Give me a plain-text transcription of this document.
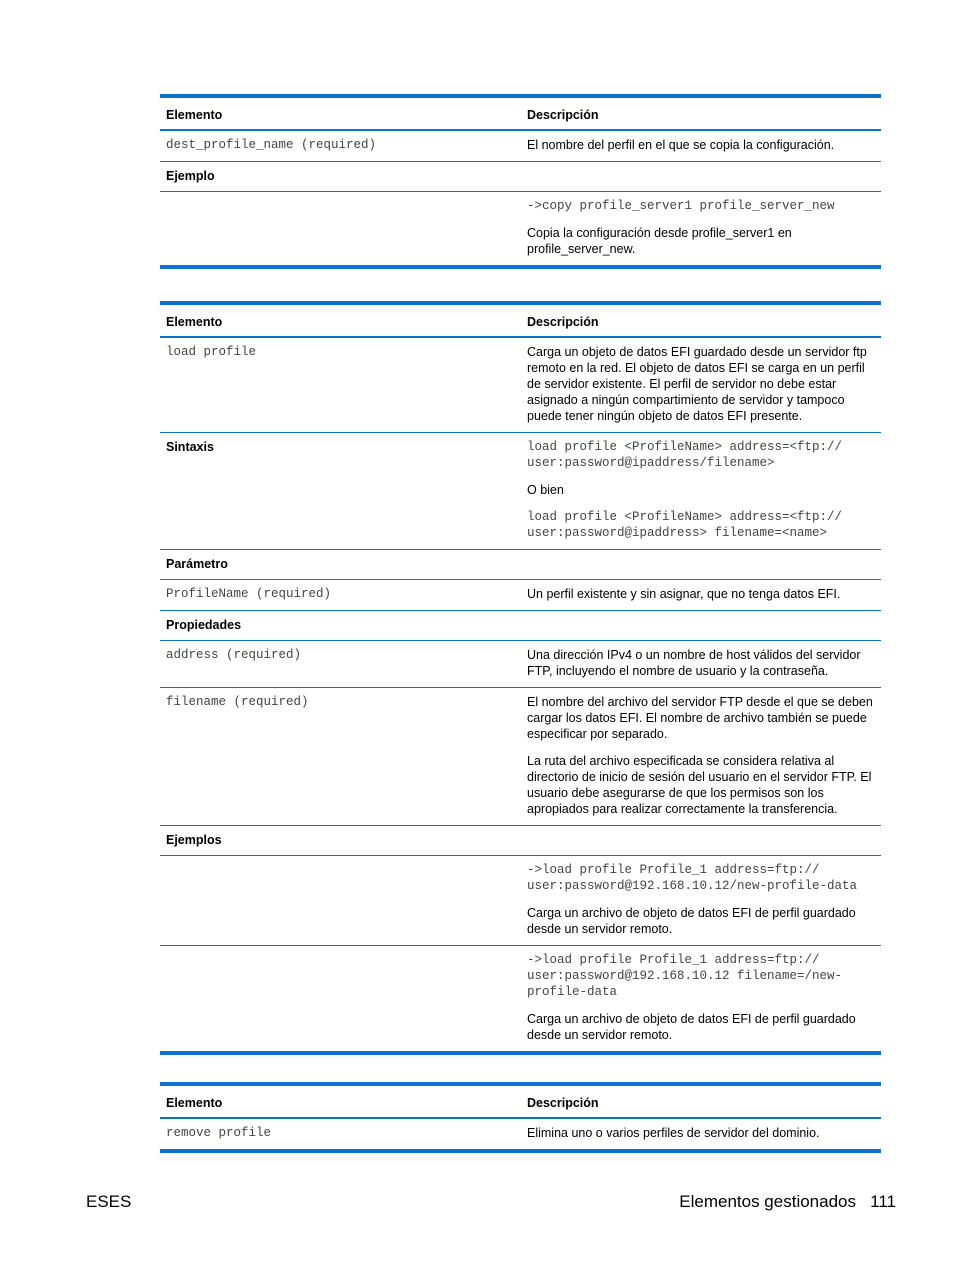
Elemento	Descripción
dest_profile_name (required)	El nombre del perfil en el que se copia la configuración.
Ejemplo
->copy profile_server1 profile_server_new
Copia la configuración desde profile_server1 en profile_server_new.
Elemento	Descripción
load profile	Carga un objeto de datos EFI guardado desde un servidor ftp remoto en la red. El objeto de datos EFI se carga en un perfil de servidor existente. El perfil de servidor no debe estar asignado a ningún compartimiento de servidor y tampoco puede tener ningún objeto de datos EFI presente.
Sintaxis	load profile <ProfileName> address=<ftp://
user:password@ipaddress/filename>
O bien
load profile <ProfileName> address=<ftp://
user:password@ipaddress> filename=<name>
Parámetro
ProfileName (required)	Un perfil existente y sin asignar, que no tenga datos EFI.
Propiedades
address (required)	Una dirección IPv4 o un nombre de host válidos del servidor FTP, incluyendo el nombre de usuario y la contraseña.
filename (required)	El nombre del archivo del servidor FTP desde el que se deben cargar los datos EFI. El nombre de archivo también se puede especificar por separado.
La ruta del archivo especificada se considera relativa al directorio de inicio de sesión del usuario en el servidor FTP. El usuario debe asegurarse de que los permisos son los apropiados para realizar correctamente la transferencia.
Ejemplos
->load profile Profile_1 address=ftp://
user:password@192.168.10.12/new-profile-data
Carga un archivo de objeto de datos EFI de perfil guardado desde un servidor remoto.
->load profile Profile_1 address=ftp://
user:password@192.168.10.12 filename=/new-
profile-data
Carga un archivo de objeto de datos EFI de perfil guardado desde un servidor remoto.
Elemento	Descripción
remove profile	Elimina uno o varios perfiles de servidor del dominio.
ESES	Elementos gestionados   111
